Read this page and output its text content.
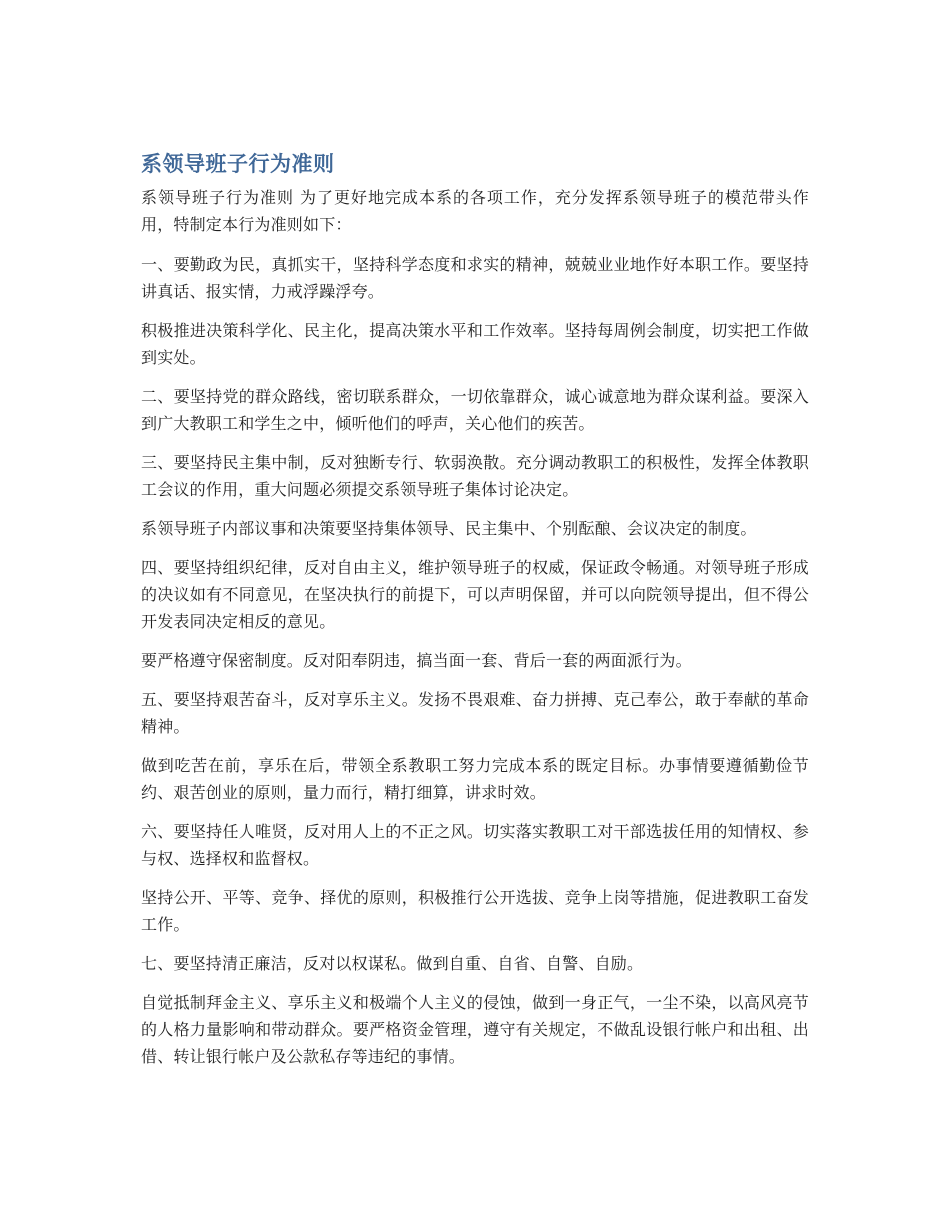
系领导班子行为准则

系领导班子行为准则 为了更好地完成本系的各项工作，充分发挥系领导班子的模范带头作用，特制定本行为准则如下：

一、要勤政为民，真抓实干，坚持科学态度和求实的精神，兢兢业业地作好本职工作。要坚持讲真话、报实情，力戒浮躁浮夸。

积极推进决策科学化、民主化，提高决策水平和工作效率。坚持每周例会制度，切实把工作做到实处。

二、要坚持党的群众路线，密切联系群众，一切依靠群众，诚心诚意地为群众谋利益。要深入到广大教职工和学生之中，倾听他们的呼声，关心他们的疾苦。

三、要坚持民主集中制，反对独断专行、软弱涣散。充分调动教职工的积极性，发挥全体教职工会议的作用，重大问题必须提交系领导班子集体讨论决定。

系领导班子内部议事和决策要坚持集体领导、民主集中、个别酝酿、会议决定的制度。

四、要坚持组织纪律，反对自由主义，维护领导班子的权威，保证政令畅通。对领导班子形成的决议如有不同意见，在坚决执行的前提下，可以声明保留，并可以向院领导提出，但不得公开发表同决定相反的意见。

要严格遵守保密制度。反对阳奉阴违，搞当面一套、背后一套的两面派行为。

五、要坚持艰苦奋斗，反对享乐主义。发扬不畏艰难、奋力拼搏、克己奉公，敢于奉献的革命精神。

做到吃苦在前，享乐在后，带领全系教职工努力完成本系的既定目标。办事情要遵循勤俭节约、艰苦创业的原则，量力而行，精打细算，讲求时效。

六、要坚持任人唯贤，反对用人上的不正之风。切实落实教职工对干部选拔任用的知情权、参与权、选择权和监督权。

坚持公开、平等、竞争、择优的原则，积极推行公开选拔、竞争上岗等措施，促进教职工奋发工作。

七、要坚持清正廉洁，反对以权谋私。做到自重、自省、自警、自励。

自觉抵制拜金主义、享乐主义和极端个人主义的侵蚀，做到一身正气，一尘不染，以高风亮节的人格力量影响和带动群众。要严格资金管理，遵守有关规定，不做乱设银行帐户和出租、出借、转让银行帐户及公款私存等违纪的事情。
